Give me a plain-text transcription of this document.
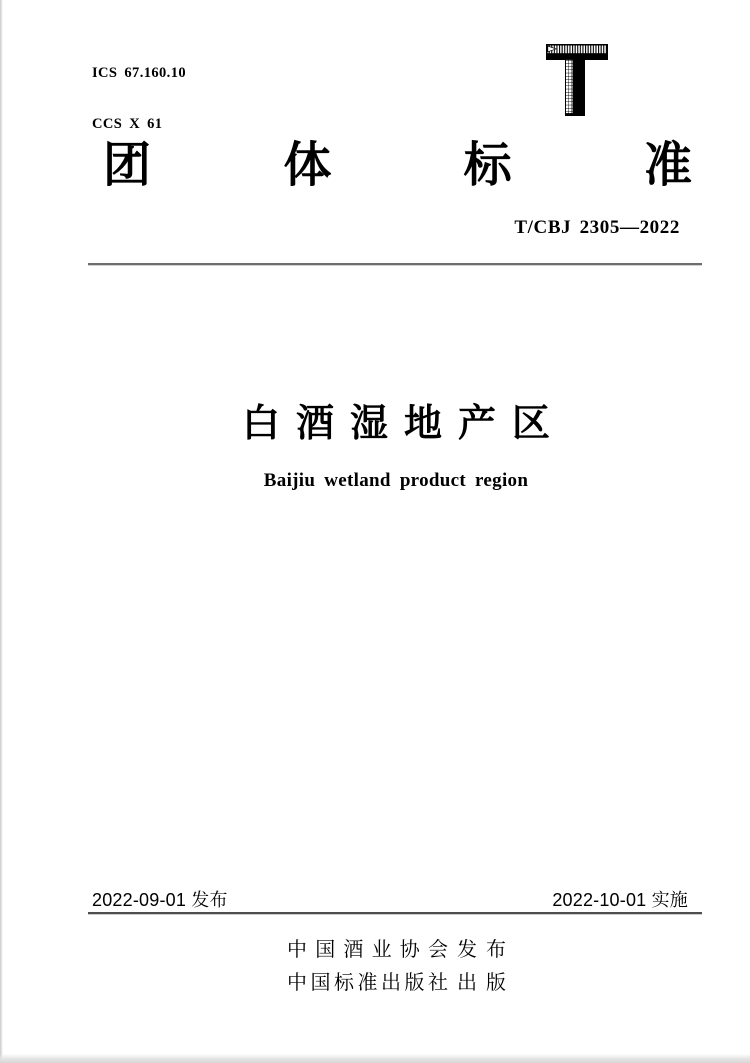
ICS 67.160.10

CCS X 61

团体标准
T/CBJ 2305—2022
白酒湿地产区
Baijiu wetland product region
2022-09-01 发布	2022-10-01 实施
中国酒业协会 发布
中国标准出版社 出版
